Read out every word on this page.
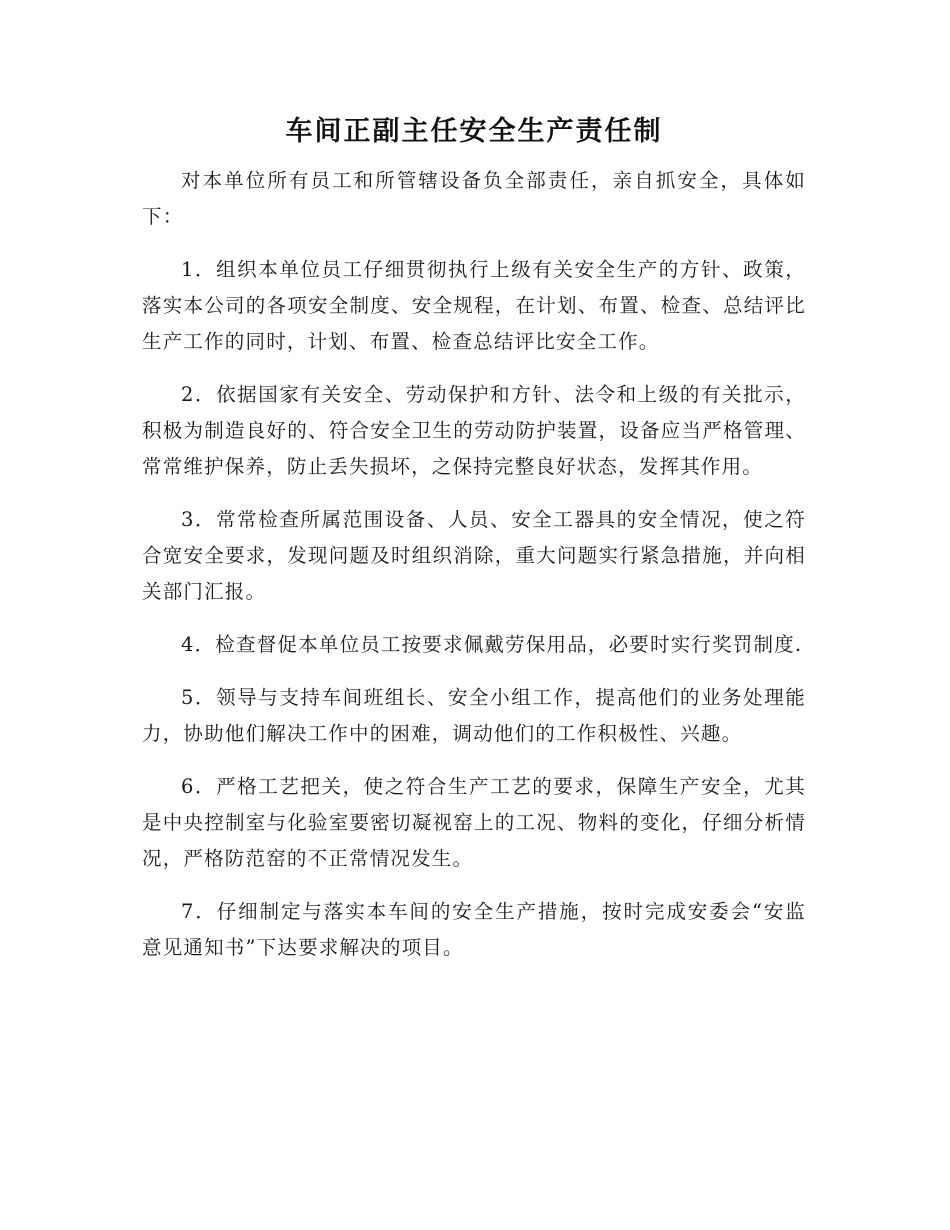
车间正副主任安全生产责任制

对本单位所有员工和所管辖设备负全部责任，亲自抓安全，具体如下：

1．组织本单位员工仔细贯彻执行上级有关安全生产的方针、政策，落实本公司的各项安全制度、安全规程，在计划、布置、检查、总结评比生产工作的同时，计划、布置、检查总结评比安全工作。

2．依据国家有关安全、劳动保护和方针、法令和上级的有关批示，积极为制造良好的、符合安全卫生的劳动防护装置，设备应当严格管理、常常维护保养，防止丢失损坏，之保持完整良好状态，发挥其作用。

3．常常检查所属范围设备、人员、安全工器具的安全情况，使之符合宽安全要求，发现问题及时组织消除，重大问题实行紧急措施，并向相关部门汇报。

4．检查督促本单位员工按要求佩戴劳保用品，必要时实行奖罚制度.

5．领导与支持车间班组长、安全小组工作，提高他们的业务处理能力，协助他们解决工作中的困难，调动他们的工作积极性、兴趣。

6．严格工艺把关，使之符合生产工艺的要求，保障生产安全，尤其是中央控制室与化验室要密切凝视窑上的工况、物料的变化，仔细分析情况，严格防范窑的不正常情况发生。

7．仔细制定与落实本车间的安全生产措施，按时完成安委会“安监意见通知书”下达要求解决的项目。
